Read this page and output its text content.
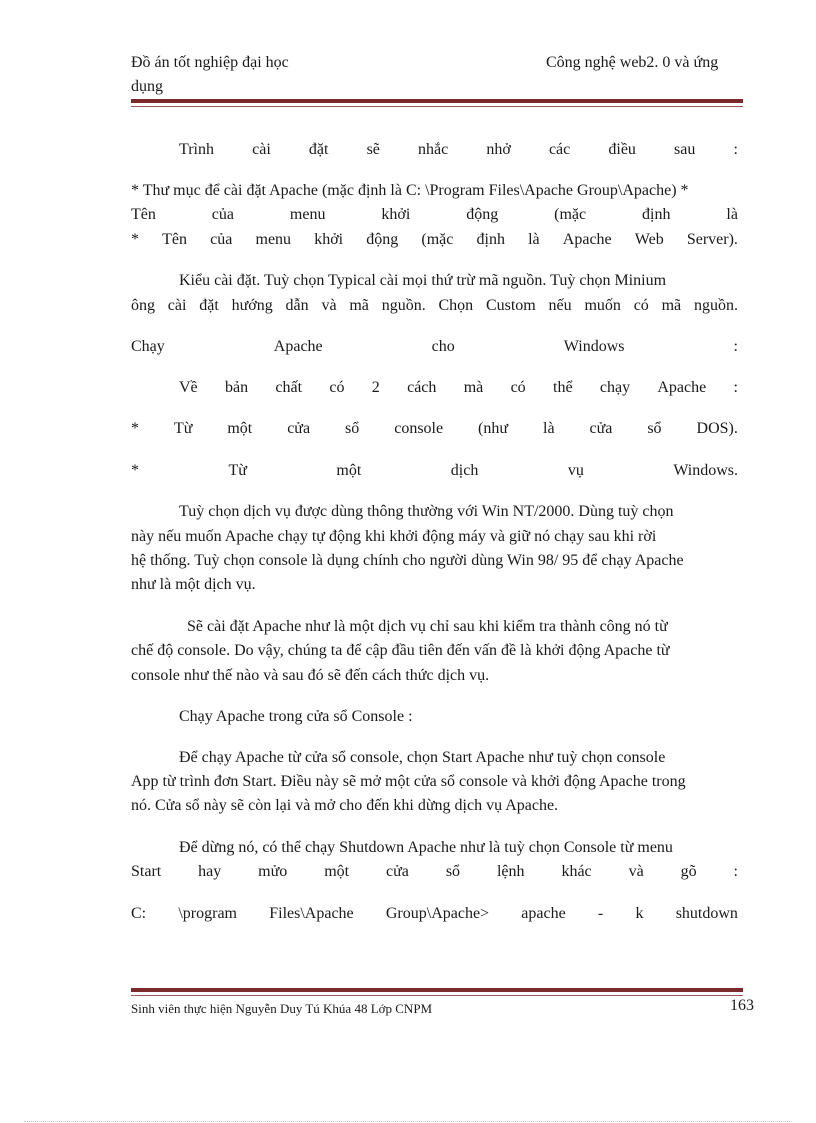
Đồ án tốt nghiệp đại học
dụng
Công nghệ web2. 0 và ứng
Trình cài đặt sẽ nhắc nhở các điều sau :
* Thư mục để cài đặt Apache (mặc định là C: \Program Files\Apache Group\Apache) *
Tên	của	menu	khởi	động	(mặc	định	là
* Tên của menu khởi động (mặc định là Apache Web Server).
Kiểu cài đặt. Tuỳ chọn Typical cài mọi thứ trừ mã nguồn. Tuỳ chọn Minium
ông cài đặt hướng dẫn và mã nguồn. Chọn Custom nếu muốn có mã nguồn.
Chạy	Apache	cho	Windows	:
Về bản chất có 2 cách mà có thể chạy Apache :
* Từ một cửa sổ console (như là cửa sổ DOS).
*	Từ	một	dịch	vụ	Windows.
Tuỳ chọn dịch vụ được dùng thông thường với Win NT/2000. Dùng tuỳ chọn
này nếu muốn Apache chạy tự động khi khởi động máy và giữ nó chạy sau khi rời
hệ thống. Tuỳ chọn console là dụng chính cho người dùng Win 98/ 95 để chạy Apache
như là một dịch vụ.
Sẽ cài đặt Apache như là một dịch vụ chỉ sau khi kiểm tra thành công nó từ
chế độ console. Do vậy, chúng ta để cập đầu tiên đến vấn đề là khởi động Apache từ
console như thế nào và sau đó sẽ đến cách thức dịch vụ.
Chạy Apache trong cửa sổ Console :
Để chạy Apache từ cửa sổ console, chọn Start Apache như tuỳ chọn console
App từ trình đơn Start. Điều này sẽ mở một cửa sổ console và khởi động Apache trong
nó. Cửa sổ này sẽ còn lại và mở cho đến khi dừng dịch vụ Apache.
Để dừng nó, có thể chạy Shutdown Apache như là tuỳ chọn Console từ menu
Start hay mửo một cửa sổ lệnh khác và gõ :
C: \program Files\Apache Group\Apache> apache - k shutdown
Sinh viên thực hiện Nguyễn Duy Tú Khúa 48 Lớp CNPM	163
